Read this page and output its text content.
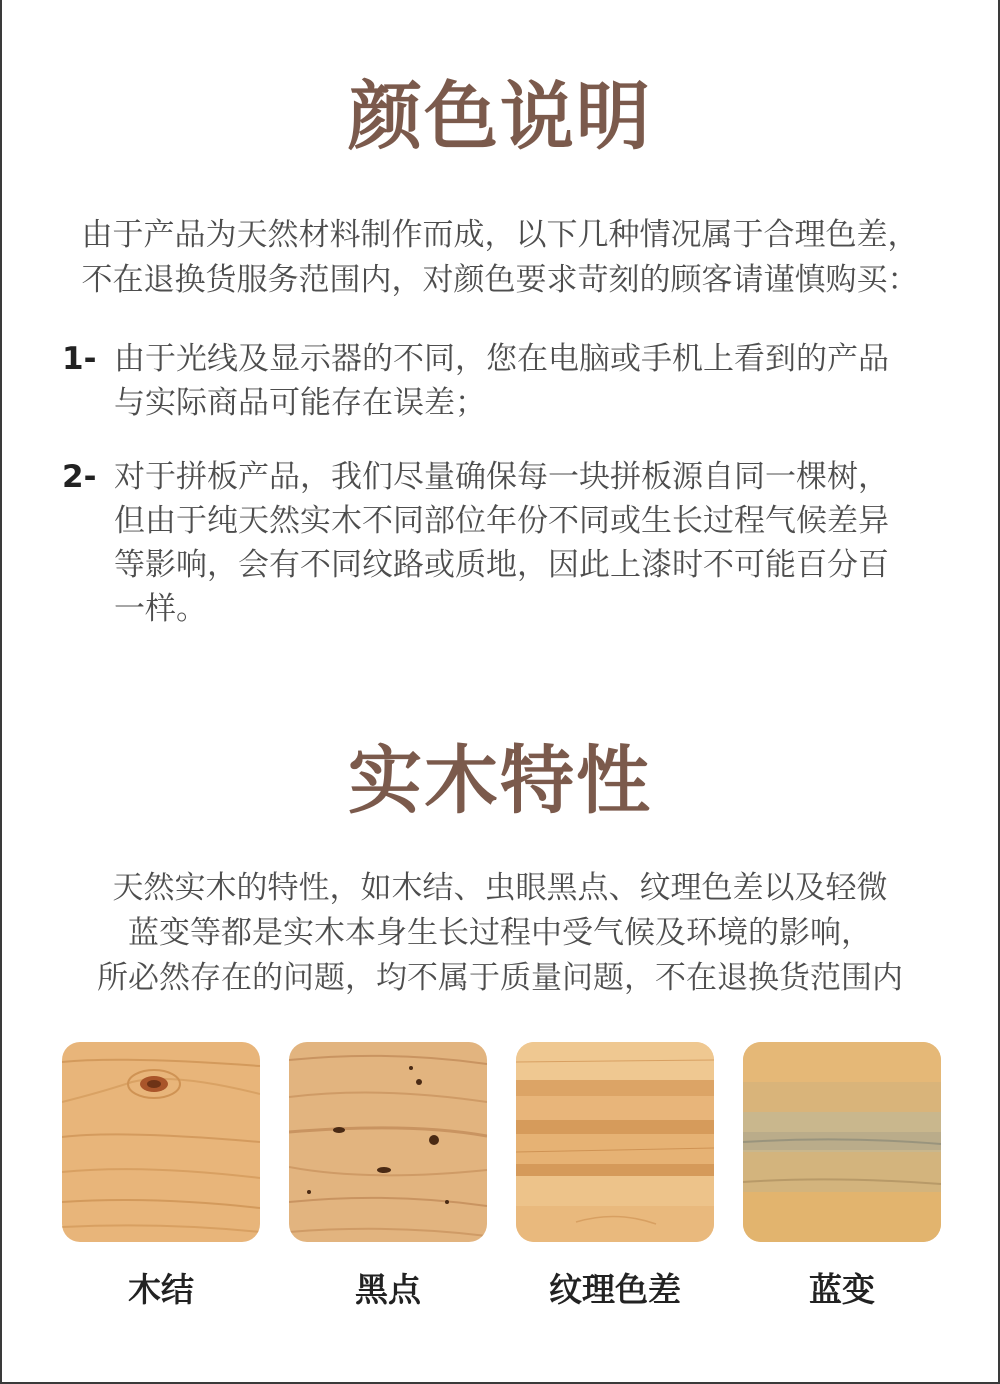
颜色说明
由于产品为天然材料制作而成，以下几种情况属于合理色差，
不在退换货服务范围内，对颜色要求苛刻的顾客请谨慎购买：
1- 由于光线及显示器的不同，您在电脑或手机上看到的产品
与实际商品可能存在误差；
2- 对于拼板产品，我们尽量确保每一块拼板源自同一棵树，
但由于纯天然实木不同部位年份不同或生长过程气候差异
等影响，会有不同纹路或质地，因此上漆时不可能百分百
一样。
实木特性
天然实木的特性，如木结、虫眼黑点、纹理色差以及轻微
蓝变等都是实木本身生长过程中受气候及环境的影响，
所必然存在的问题，均不属于质量问题，不在退换货范围内
木结	黑点	纹理色差	蓝变
